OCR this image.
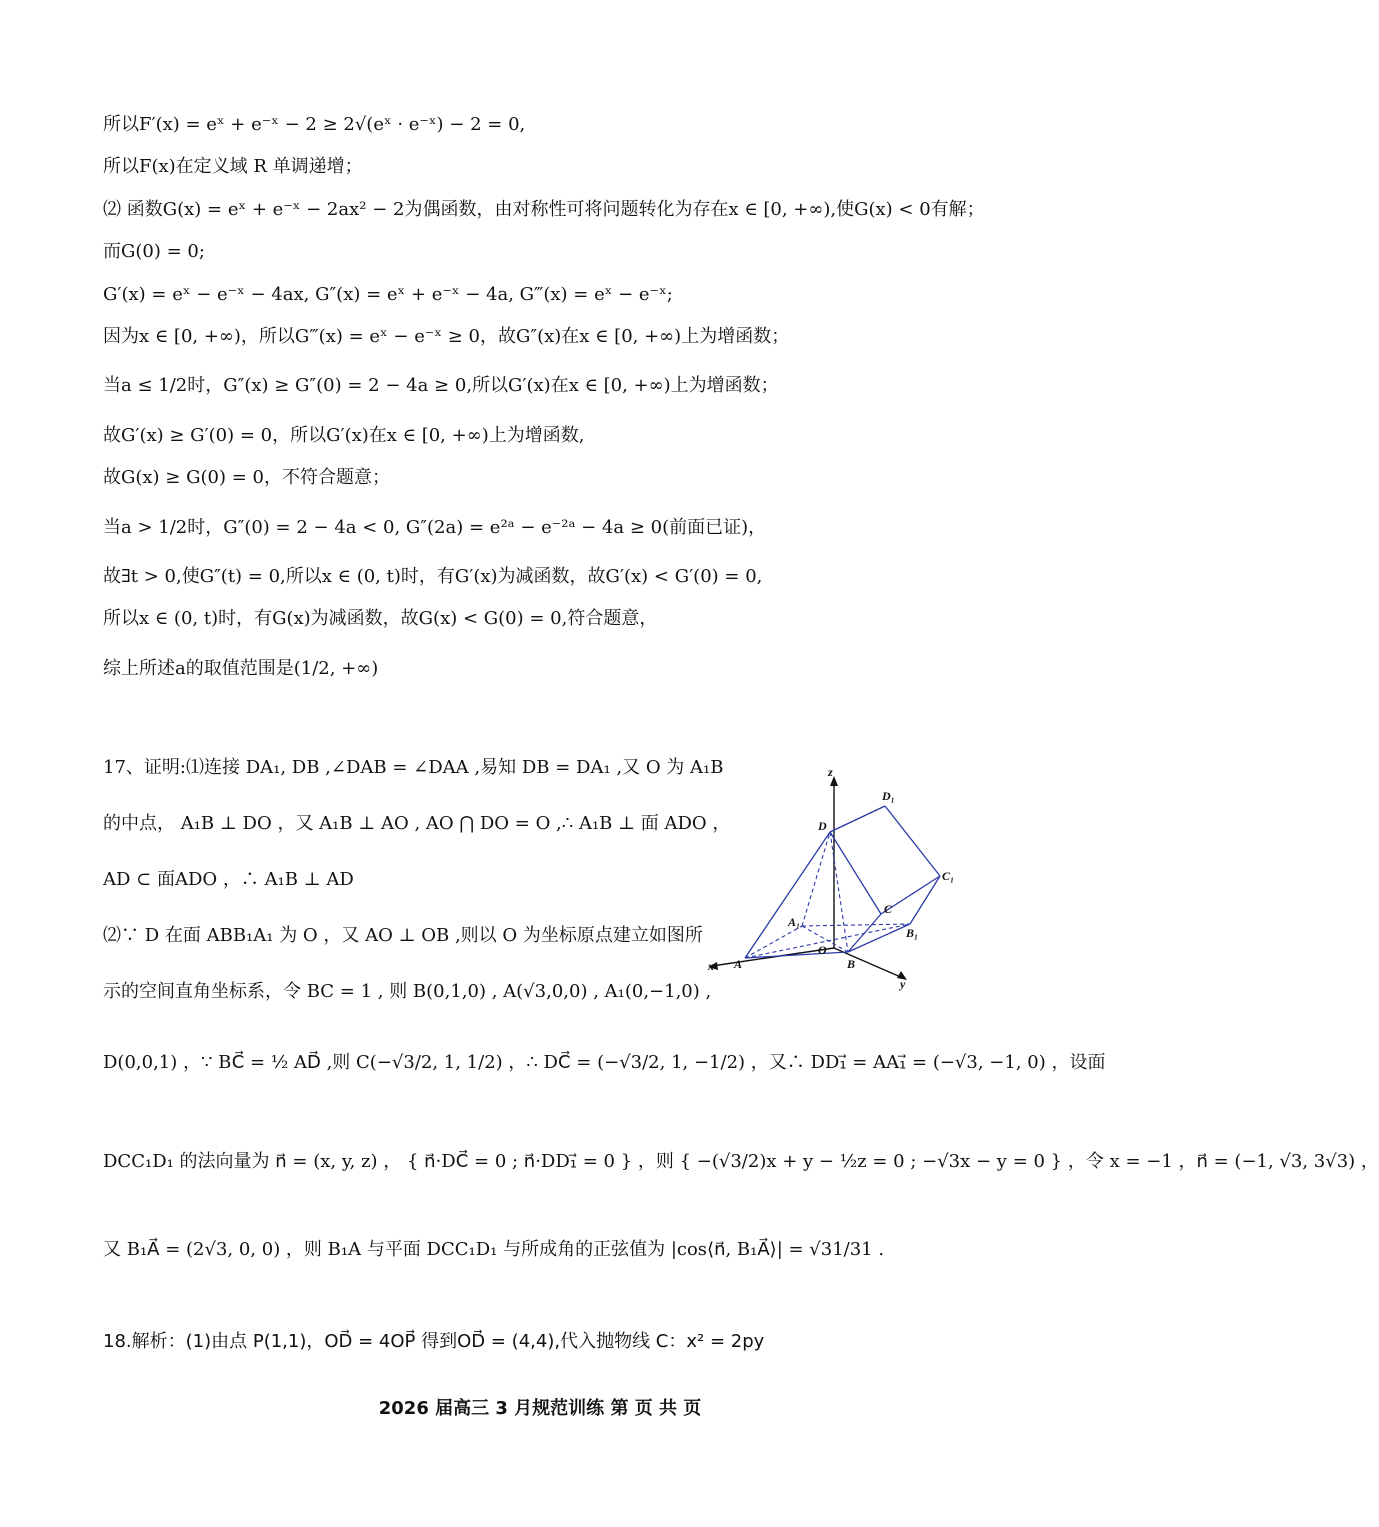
所以F′(x) = eˣ + e⁻ˣ − 2 ≥ 2√(eˣ · e⁻ˣ) − 2 = 0,
所以F(x)在定义域 R 单调递增；
⑵ 函数G(x) = eˣ + e⁻ˣ − 2ax² − 2为偶函数，由对称性可将问题转化为存在x ∈ [0, +∞),使G(x) < 0有解；
而G(0) = 0;
G′(x) = eˣ − e⁻ˣ − 4ax, G″(x) = eˣ + e⁻ˣ − 4a, G‴(x) = eˣ − e⁻ˣ;
因为x ∈ [0, +∞)，所以G‴(x) = eˣ − e⁻ˣ ≥ 0，故G″(x)在x ∈ [0, +∞)上为增函数；
当a ≤ 1/2时，G″(x) ≥ G″(0) = 2 − 4a ≥ 0,所以G′(x)在x ∈ [0, +∞)上为增函数；
故G′(x) ≥ G′(0) = 0，所以G′(x)在x ∈ [0, +∞)上为增函数,
故G(x) ≥ G(0) = 0，不符合题意；
当a > 1/2时，G″(0) = 2 − 4a < 0, G″(2a) = e²ᵃ − e⁻²ᵃ − 4a ≥ 0(前面已证)，
故∃t > 0,使G″(t) = 0,所以x ∈ (0, t)时，有G′(x)为减函数，故G′(x) < G′(0) = 0,
所以x ∈ (0, t)时，有G(x)为减函数，故G(x) < G(0) = 0,符合题意，
综上所述a的取值范围是(1/2, +∞)
17、证明:⑴连接 DA₁, DB ,∠DAB = ∠DAA ,易知 DB = DA₁ ,又 O 为 A₁B
的中点， A₁B ⊥ DO ，又 A₁B ⊥ AO , AO ⋂ DO = O ,∴ A₁B ⊥ 面 ADO ，
AD ⊂ 面ADO ，∴ A₁B ⊥ AD
⑵∵ D 在面 ABB₁A₁ 为 O ，又 AO ⊥ OB ,则以 O 为坐标原点建立如图所
示的空间直角坐标系，令 BC = 1 , 则 B(0,1,0) , A(√3,0,0) , A₁(0,−1,0) ,
D(0,0,1) ，∵ BC⃗ = ½ AD⃗ ,则 C(−√3/2, 1, 1/2) ，∴ DC⃗ = (−√3/2, 1, −1/2) ，又∴ DD₁⃗ = AA₁⃗ = (−√3, −1, 0) ，设面
DCC₁D₁ 的法向量为 n⃗ = (x, y, z) ， { n⃗·DC⃗ = 0 ; n⃗·DD₁⃗ = 0 } ，则 { −(√3/2)x + y − ½z = 0 ; −√3x − y = 0 } ，令 x = −1 ，n⃗ = (−1, √3, 3√3) ，
又 B₁A⃗ = (2√3, 0, 0) ，则 B₁A 与平面 DCC₁D₁ 与所成角的正弦值为 |cos⟨n⃗, B₁A⃗⟩| = √31/31 .
18.解析：(1)由点 P(1,1)，OD⃗ = 4OP⃗ 得到OD⃗ = (4,4),代入抛物线 C：x² = 2py
z
D₁
D
C₁
C
A₁
B₁
O
B
A
x
y
2026 届高三 3 月规范训练 第 页 共 页
